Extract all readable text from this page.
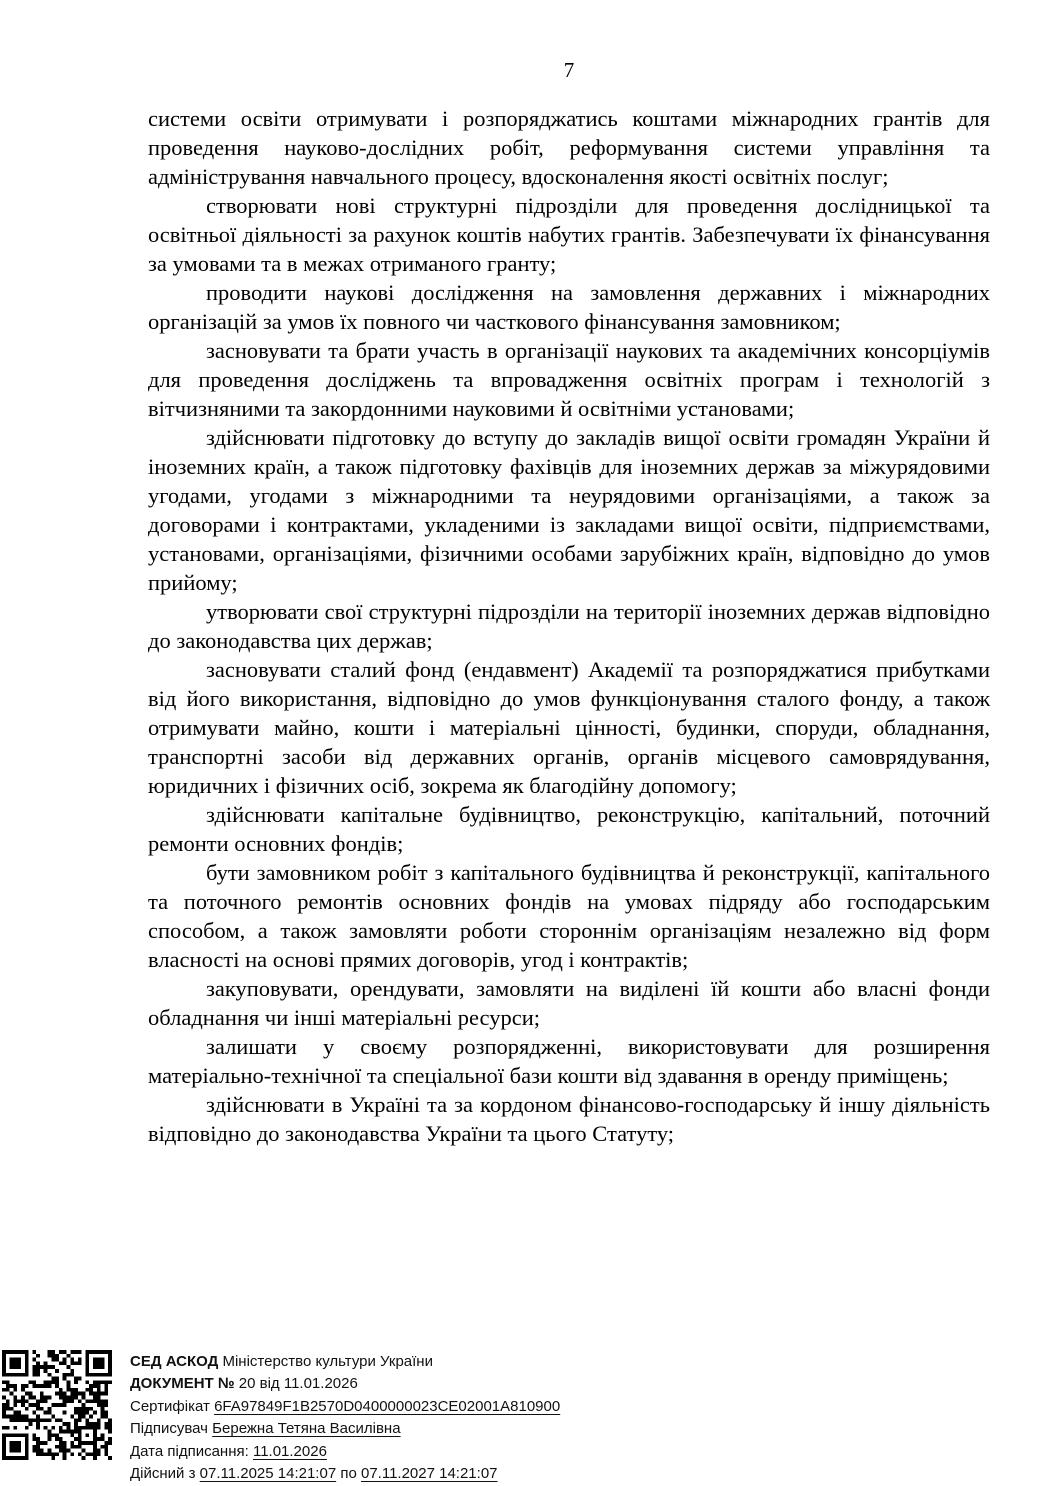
7

системи освіти отримувати і розпоряджатись коштами міжнародних грантів для проведення науково-дослідних робіт, реформування системи управління та адміністрування навчального процесу, вдосконалення якості освітніх послуг;

створювати нові структурні підрозділи для проведення дослідницької та освітньої діяльності за рахунок коштів набутих грантів. Забезпечувати їх фінансування за умовами та в межах отриманого гранту;

проводити наукові дослідження на замовлення державних і міжнародних організацій за умов їх повного чи часткового фінансування замовником;

засновувати та брати участь в організації наукових та академічних консорціумів для проведення досліджень та впровадження освітніх програм і технологій з вітчизняними та закордонними науковими й освітніми установами;

здійснювати підготовку до вступу до закладів вищої освіти громадян України й іноземних країн, а також підготовку фахівців для іноземних держав за міжурядовими угодами, угодами з міжнародними та неурядовими організаціями, а також за договорами і контрактами, укладеними із закладами вищої освіти, підприємствами, установами, організаціями, фізичними особами зарубіжних країн, відповідно до умов прийому;

утворювати свої структурні підрозділи на території іноземних держав відповідно до законодавства цих держав;

засновувати сталий фонд (ендавмент) Академії та розпоряджатися прибутками від його використання, відповідно до умов функціонування сталого фонду, а також отримувати майно, кошти і матеріальні цінності, будинки, споруди, обладнання, транспортні засоби від державних органів, органів місцевого самоврядування, юридичних і фізичних осіб, зокрема як благодійну допомогу;

здійснювати капітальне будівництво, реконструкцію, капітальний, поточний ремонти основних фондів;

бути замовником робіт з капітального будівництва й реконструкції, капітального та поточного ремонтів основних фондів на умовах підряду або господарським способом, а також замовляти роботи стороннім організаціям незалежно від форм власності на основі прямих договорів, угод і контрактів;

закуповувати, орендувати, замовляти на виділені їй кошти або власні фонди обладнання чи інші матеріальні ресурси;

залишати у своєму розпорядженні, використовувати для розширення матеріально-технічної та спеціальної бази кошти від здавання в оренду приміщень;

здійснювати в Україні та за кордоном фінансово-господарську й іншу діяльність відповідно до законодавства України та цього Статуту;

СЕД АСКОД Міністерство культури України
ДОКУМЕНТ № 20 від 11.01.2026
Сертифікат 6FA97849F1B2570D0400000023CE02001A810900
Підписувач Бережна Тетяна Василівна
Дата підписання: 11.01.2026
Дійсний з 07.11.2025 14:21:07 по 07.11.2027 14:21:07
